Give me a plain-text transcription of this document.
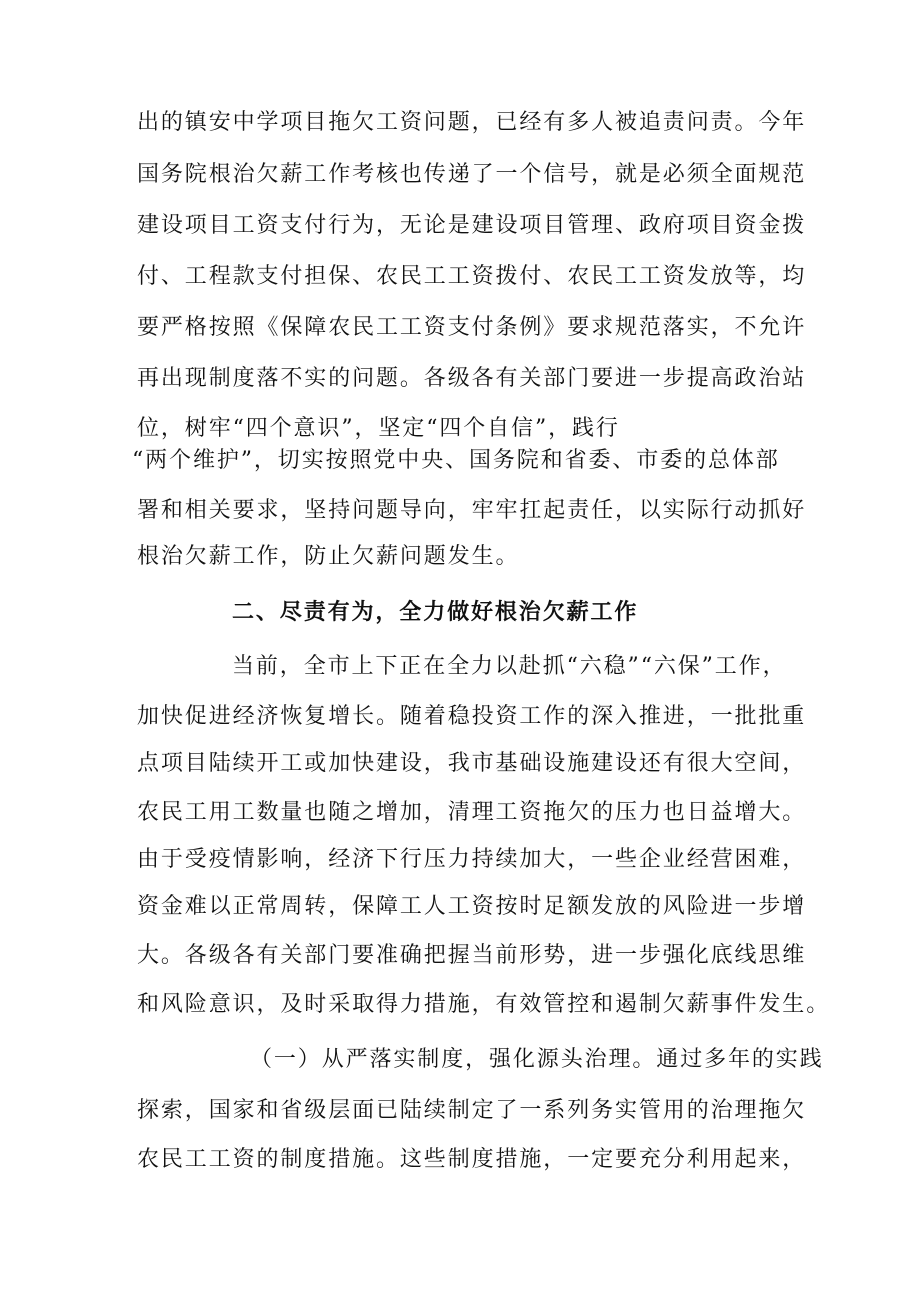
出的镇安中学项目拖欠工资问题，已经有多人被追责问责。今年
国务院根治欠薪工作考核也传递了一个信号，就是必须全面规范
建设项目工资支付行为，无论是建设项目管理、政府项目资金拨
付、工程款支付担保、农民工工资拨付、农民工工资发放等，均
要严格按照《保障农民工工资支付条例》要求规范落实，不允许
再出现制度落不实的问题。各级各有关部门要进一步提高政治站
位，树牢“四个意识”，坚定“四个自信”，践行
“两个维护”，切实按照党中央、国务院和省委、市委的总体部
署和相关要求，坚持问题导向，牢牢扛起责任，以实际行动抓好
根治欠薪工作，防止欠薪问题发生。
二、尽责有为，全力做好根治欠薪工作
当前，全市上下正在全力以赴抓“六稳”“六保”工作，
加快促进经济恢复增长。随着稳投资工作的深入推进，一批批重
点项目陆续开工或加快建设，我市基础设施建设还有很大空间，
农民工用工数量也随之增加，清理工资拖欠的压力也日益增大。
由于受疫情影响，经济下行压力持续加大，一些企业经营困难，
资金难以正常周转，保障工人工资按时足额发放的风险进一步增
大。各级各有关部门要准确把握当前形势，进一步强化底线思维
和风险意识，及时采取得力措施，有效管控和遏制欠薪事件发生。
（一）从严落实制度，强化源头治理。通过多年的实践
探索，国家和省级层面已陆续制定了一系列务实管用的治理拖欠
农民工工资的制度措施。这些制度措施，一定要充分利用起来，
